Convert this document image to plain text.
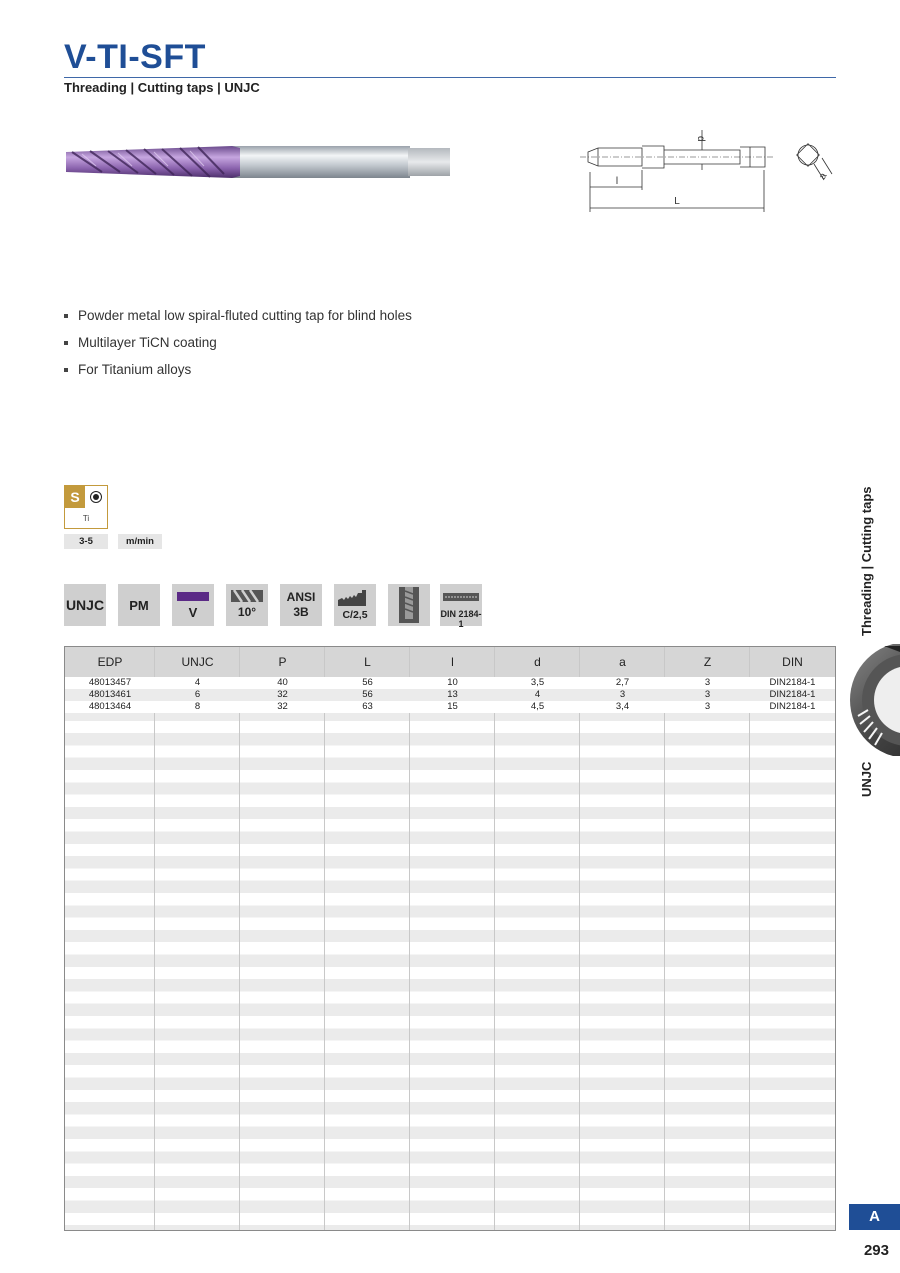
V-TI-SFT
Threading | Cutting taps | UNJC
l
L
d
a
Powder metal low spiral-fluted cutting tap for blind holes
Multilayer TiCN coating
For Titanium alloys
S
Ti
3-5	m/min
UNJC	PM	V	10°
ANSI
3B	C/2,5	DIN 2184-1
EDP	UNJC	P	L	l	d	a	Z	DIN
48013457	4	40	56	10	3,5	2,7	3	DIN2184-1
48013461	6	32	56	13	4	3	3	DIN2184-1
48013464	8	32	63	15	4,5	3,4	3	DIN2184-1
Threading | Cutting taps
UNJC
A
293
